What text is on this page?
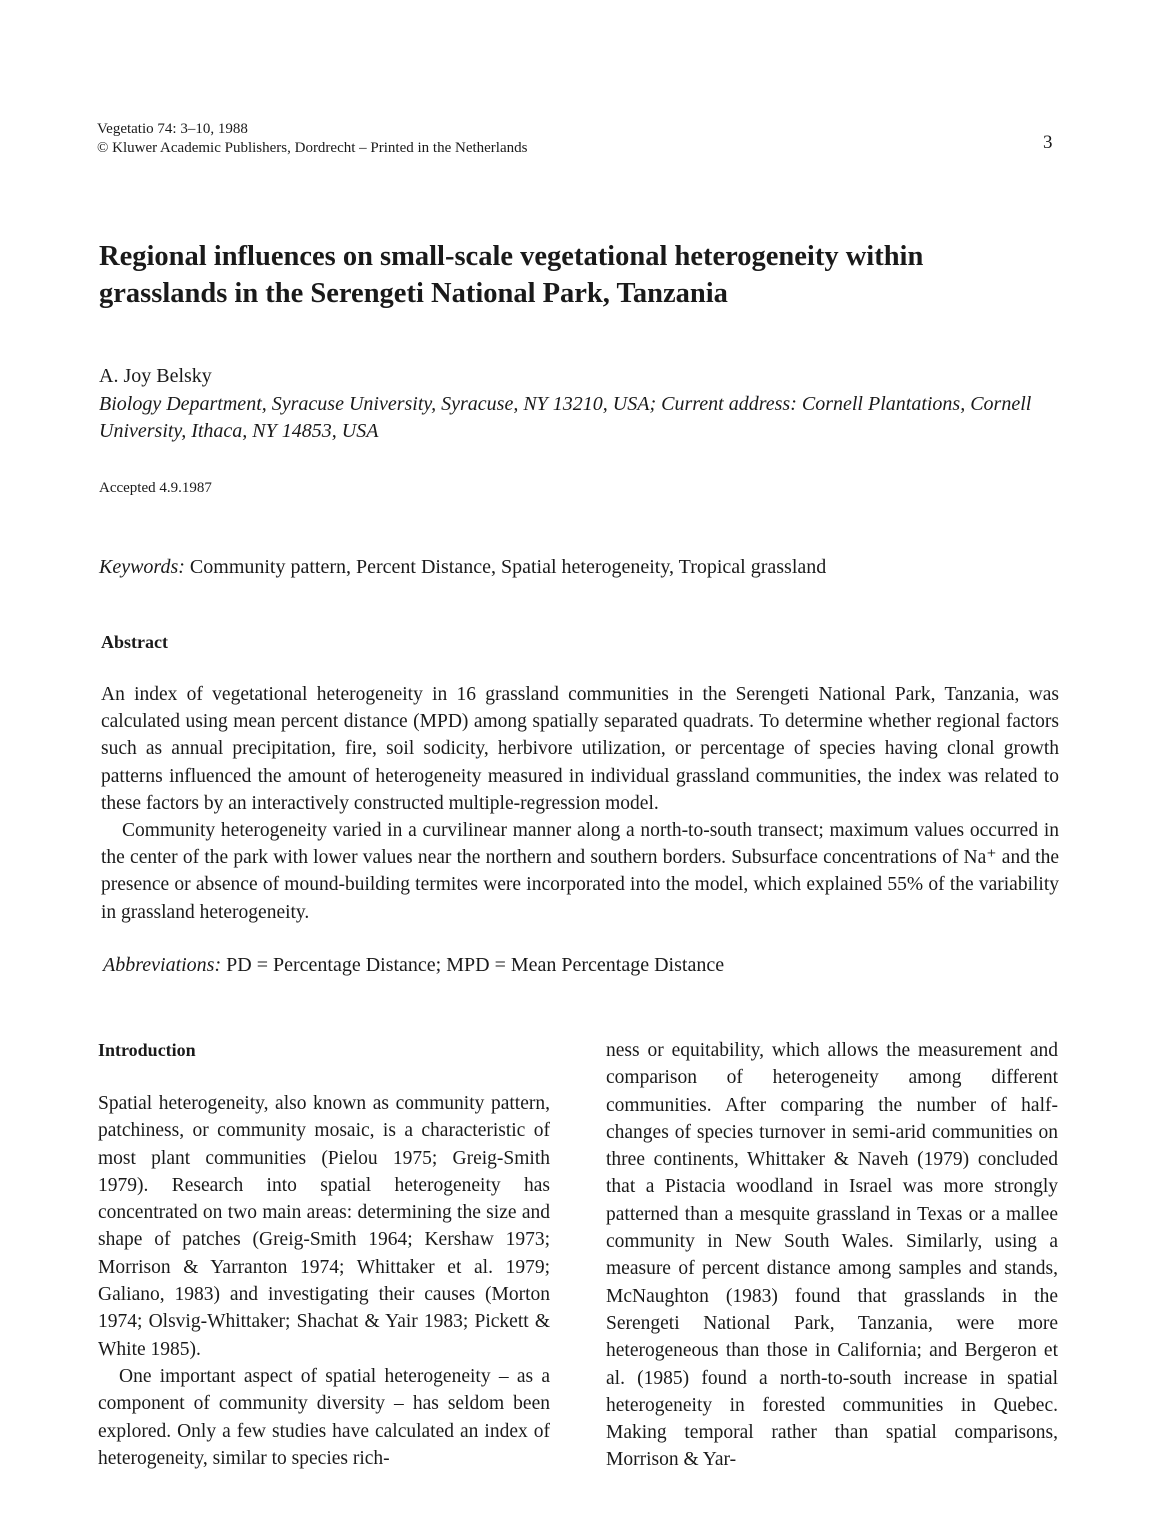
Vegetatio 74: 3–10, 1988
© Kluwer Academic Publishers, Dordrecht – Printed in the Netherlands	3
Regional influences on small-scale vegetational heterogeneity within grasslands in the Serengeti National Park, Tanzania
A. Joy Belsky
Biology Department, Syracuse University, Syracuse, NY 13210, USA; Current address: Cornell Plantations, Cornell University, Ithaca, NY 14853, USA
Accepted 4.9.1987
Keywords: Community pattern, Percent Distance, Spatial heterogeneity, Tropical grassland
Abstract

An index of vegetational heterogeneity in 16 grassland communities in the Serengeti National Park, Tanzania, was calculated using mean percent distance (MPD) among spatially separated quadrats. To determine whether regional factors such as annual precipitation, fire, soil sodicity, herbivore utilization, or percentage of species having clonal growth patterns influenced the amount of heterogeneity measured in individual grassland communities, the index was related to these factors by an interactively constructed multiple-regression model.

Community heterogeneity varied in a curvilinear manner along a north-to-south transect; maximum values occurred in the center of the park with lower values near the northern and southern borders. Subsurface concentrations of Na⁺ and the presence or absence of mound-building termites were incorporated into the model, which explained 55% of the variability in grassland heterogeneity.

Abbreviations: PD = Percentage Distance; MPD = Mean Percentage Distance
Introduction

Spatial heterogeneity, also known as community pattern, patchiness, or community mosaic, is a characteristic of most plant communities (Pielou 1975; Greig-Smith 1979). Research into spatial heterogeneity has concentrated on two main areas: determining the size and shape of patches (Greig-Smith 1964; Kershaw 1973; Morrison & Yarranton 1974; Whittaker et al. 1979; Galiano, 1983) and investigating their causes (Morton 1974; Olsvig-Whittaker; Shachat & Yair 1983; Pickett & White 1985).

One important aspect of spatial heterogeneity – as a component of community diversity – has seldom been explored. Only a few studies have calculated an index of heterogeneity, similar to species rich-

ness or equitability, which allows the measurement and comparison of heterogeneity among different communities. After comparing the number of half-changes of species turnover in semi-arid communities on three continents, Whittaker & Naveh (1979) concluded that a Pistacia woodland in Israel was more strongly patterned than a mesquite grassland in Texas or a mallee community in New South Wales. Similarly, using a measure of percent distance among samples and stands, McNaughton (1983) found that grasslands in the Serengeti National Park, Tanzania, were more heterogeneous than those in California; and Bergeron et al. (1985) found a north-to-south increase in spatial heterogeneity in forested communities in Quebec. Making temporal rather than spatial comparisons, Morrison & Yar-
